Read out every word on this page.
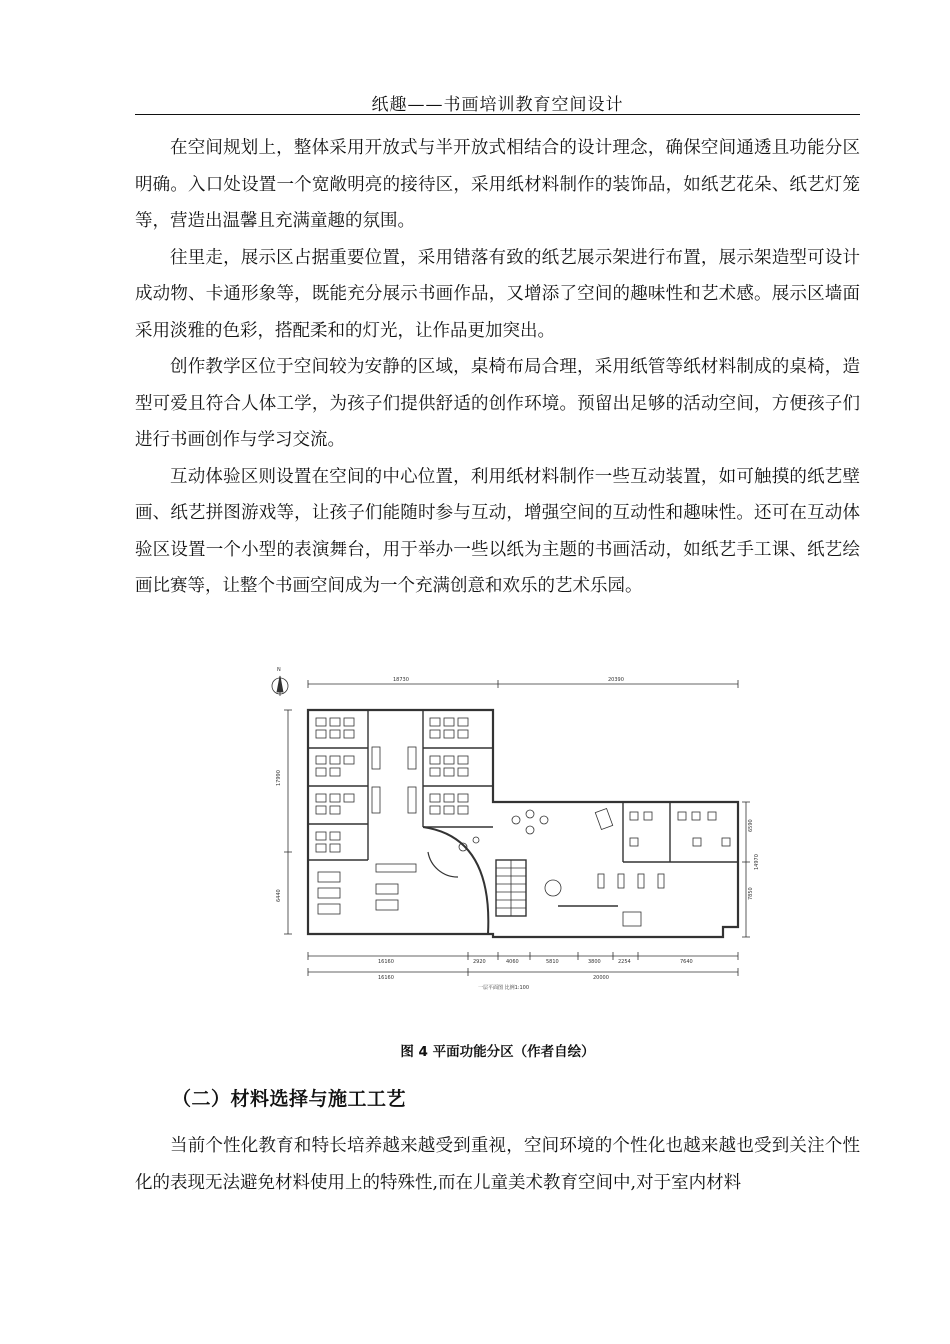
纸趣——书画培训教育空间设计

在空间规划上，整体采用开放式与半开放式相结合的设计理念，确保空间通透且功能分区明确。入口处设置一个宽敞明亮的接待区，采用纸材料制作的装饰品，如纸艺花朵、纸艺灯笼等，营造出温馨且充满童趣的氛围。

往里走，展示区占据重要位置，采用错落有致的纸艺展示架进行布置，展示架造型可设计成动物、卡通形象等，既能充分展示书画作品，又增添了空间的趣味性和艺术感。展示区墙面采用淡雅的色彩，搭配柔和的灯光，让作品更加突出。

创作教学区位于空间较为安静的区域，桌椅布局合理，采用纸管等纸材料制成的桌椅，造型可爱且符合人体工学，为孩子们提供舒适的创作环境。预留出足够的活动空间，方便孩子们进行书画创作与学习交流。

互动体验区则设置在空间的中心位置，利用纸材料制作一些互动装置，如可触摸的纸艺壁画、纸艺拼图游戏等，让孩子们能随时参与互动，增强空间的互动性和趣味性。还可在互动体验区设置一个小型的表演舞台，用于举办一些以纸为主题的书画活动，如纸艺手工课、纸艺绘画比赛等，让整个书画空间成为一个充满创意和欢乐的艺术乐园。

N
18730	20390
17990
6440
6590
7850
14970
16160	2920	4060	5810	3800	2254	7640
16160	20000
一层平面图 比例1:100
图 4 平面功能分区（作者自绘）
（二）材料选择与施工工艺

当前个性化教育和特长培养越来越受到重视，空间环境的个性化也越来越也受到关注个性化的表现无法避免材料使用上的特殊性,而在儿童美术教育空间中,对于室内材料
